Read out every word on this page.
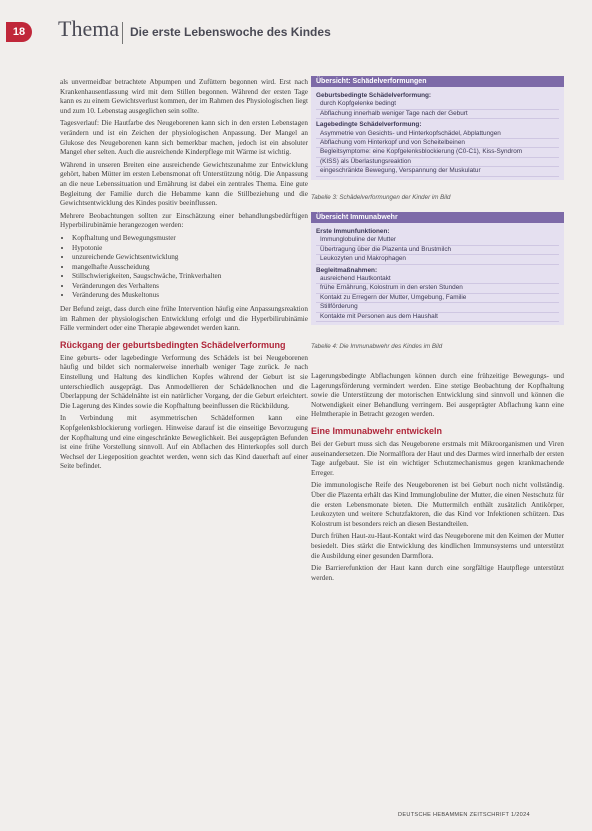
18	Thema Die erste Lebenswoche des Kindes

als unvermeidbar betrachtete Abpumpen und Zufüttern begonnen wird. Erst nach Krankenhausentlassung wird mit dem Stillen begonnen. Während der ersten Tage kann es zu einem Gewichtsverlust kommen, der im Rahmen des Physiologischen liegt und zum 10. Lebenstag ausgeglichen sein sollte.

Tagesverlauf: Die Hautfarbe des Neugeborenen kann sich in den ersten Lebenstagen verändern und ist ein Zeichen der physiologischen Anpassung. Der Mangel an Glukose des Neugeborenen kann sich bemerkbar machen, jedoch ist ein absoluter Mangel eher selten. Auch die ausreichende Kinderpflege mit Wärme ist wichtig.

Während in unseren Breiten eine ausreichende Gewichtszunahme zur Entwicklung gehört, haben Mütter im ersten Lebensmonat oft Unterstützung nötig. Die Anpassung an die neue Lebenssituation und Ernährung ist dabei ein zentrales Thema. Eine gute Begleitung der Familie durch die Hebamme kann die Stillbeziehung und die Gewichtsentwicklung des Kindes positiv beeinflussen.

Mehrere Beobachtungen sollten zur Einschätzung einer behandlungsbedürftigen Hyperbilirubinämie herangezogen werden:

• Kopfhaltung und Bewegungsmuster
• Hypotonie
• unzureichende Gewichtsentwicklung
• mangelhafte Ausscheidung
• Stillschwierigkeiten, Saugschwäche, Trinkverhalten
• Veränderungen des Verhaltens
• Veränderung des Muskeltonus

Der Befund zeigt, dass durch eine frühe Intervention häufig eine Anpassungsreaktion im Rahmen der physiologischen Entwicklung erfolgt und die Hyperbilirubinämie Fälle vermindert oder eine Therapie abgewendet werden kann.

Rückgang der geburtsbedingten Schädelverformung

Eine geburts- oder lagebedingte Verformung des Schädels ist bei Neugeborenen häufig und bildet sich normalerweise innerhalb weniger Tage zurück. Je nach Einstellung und Haltung des kindlichen Kopfes während der Geburt ist sie unterschiedlich ausgeprägt. Das Anmodellieren der Schädelknochen und die Überlappung der Schädelnähte ist ein natürlicher Vorgang, der die Geburt erleichtert. Die Lagerung des Kindes sowie die Kopfhaltung beeinflussen die Rückbildung.

In Verbindung mit asymmetrischen Schädelformen kann eine Kopfgelenksblockierung vorliegen. Hinweise darauf ist die einseitige Bevorzugung der Kopfhaltung und eine eingeschränkte Beweglichkeit. Bei ausgeprägten Befunden ist eine frühe Vorstellung sinnvoll. Auf ein Abflachen des Hinterkopfes soll durch Wechsel der Liegeposition geachtet werden, wenn sich das Kind dauerhaft auf einer Seite befindet.

Übersicht: Schädelverformungen
Geburtsbedingte Schädelverformung:
durch Kopfgelenke bedingt
Abflachung innerhalb weniger Tage nach der Geburt
Lagebedingte Schädelverformung:
Asymmetrie von Gesichts- und Hinterkopfschädel, Abplattungen
Abflachung vom Hinterkopf und von Scheitelbeinen
Begleitsymptome: eine Kopfgelenksblockierung (C0-C1), Kiss-Syndrom
(KISS) als Überlastungsreaktion
eingeschränkte Bewegung, Verspannung der Muskulatur
Tabelle 3: Schädelverformungen der Kinder im Bild
Übersicht Immunabwehr
Erste Immunfunktionen:
Immunglobuline der Mutter
Übertragung über die Plazenta und Brustmilch
Leukozyten und Makrophagen
Begleitmaßnahmen:
ausreichend Hautkontakt
frühe Ernährung, Kolostrum in den ersten Stunden
Kontakt zu Erregern der Mutter, Umgebung, Familie
Stillförderung
Kontakte mit Personen aus dem Haushalt
Tabelle 4: Die Immunabwehr des Kindes im Bild

Lagerungsbedingte Abflachungen können durch eine frühzeitige Bewegungs- und Lagerungsförderung vermindert werden. Eine stetige Beobachtung der Kopfhaltung sowie die Unterstützung der motorischen Entwicklung sind sinnvoll und können die Notwendigkeit einer Behandlung verringern. Bei ausgeprägter Abflachung kann eine Helmtherapie in Betracht gezogen werden.

Eine Immunabwehr entwickeln

Bei der Geburt muss sich das Neugeborene erstmals mit Mikroorganismen und Viren auseinandersetzen. Die Normalflora der Haut und des Darmes wird innerhalb der ersten Tage aufgebaut. Sie ist ein wichtiger Schutzmechanismus gegen krankmachende Erreger.

Die immunologische Reife des Neugeborenen ist bei Geburt noch nicht vollständig. Über die Plazenta erhält das Kind Immunglobuline der Mutter, die einen Nestschutz für die ersten Lebensmonate bieten. Die Muttermilch enthält zusätzlich Antikörper, Leukozyten und weitere Schutzfaktoren, die das Kind vor Infektionen schützen. Das Kolostrum ist besonders reich an diesen Bestandteilen.

Durch frühen Haut-zu-Haut-Kontakt wird das Neugeborene mit den Keimen der Mutter besiedelt. Dies stärkt die Entwicklung des kindlichen Immunsystems und unterstützt die Ausbildung einer gesunden Darmflora.

Die Barrierefunktion der Haut kann durch eine sorgfältige Hautpflege unterstützt werden.

DEUTSCHE HEBAMMEN ZEITSCHRIFT 1/2024
